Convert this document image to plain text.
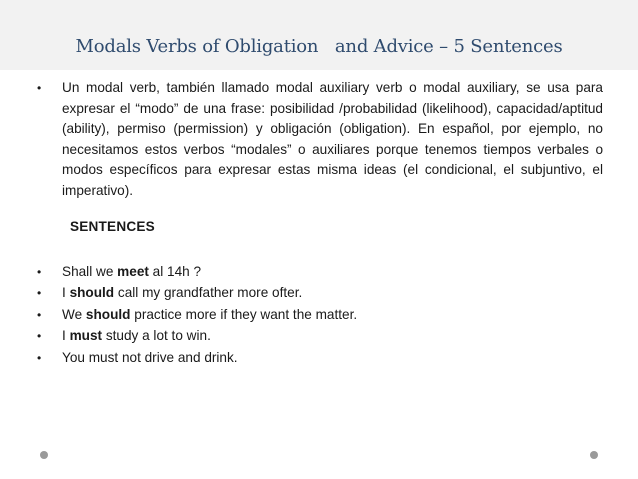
Modals Verbs of Obligation   and Advice – 5 Sentences
•	Un modal verb, también llamado modal auxiliary verb o modal auxiliary, se usa para expresar el “modo” de una frase: posibilidad /probabilidad (likelihood), capacidad/aptitud (ability), permiso (permission) y obligación (obligation). En español, por ejemplo, no necesitamos estos verbos “modales” o auxiliares porque tenemos tiempos verbales o modos específicos para expresar estas misma ideas (el condicional, el subjuntivo, el imperativo).
SENTENCES
•	Shall we meet al 14h ?
•	I should call my grandfather more ofter.
•	We should practice more if they want the matter.
•	I must study a lot to win.
•	You must not drive and drink.
